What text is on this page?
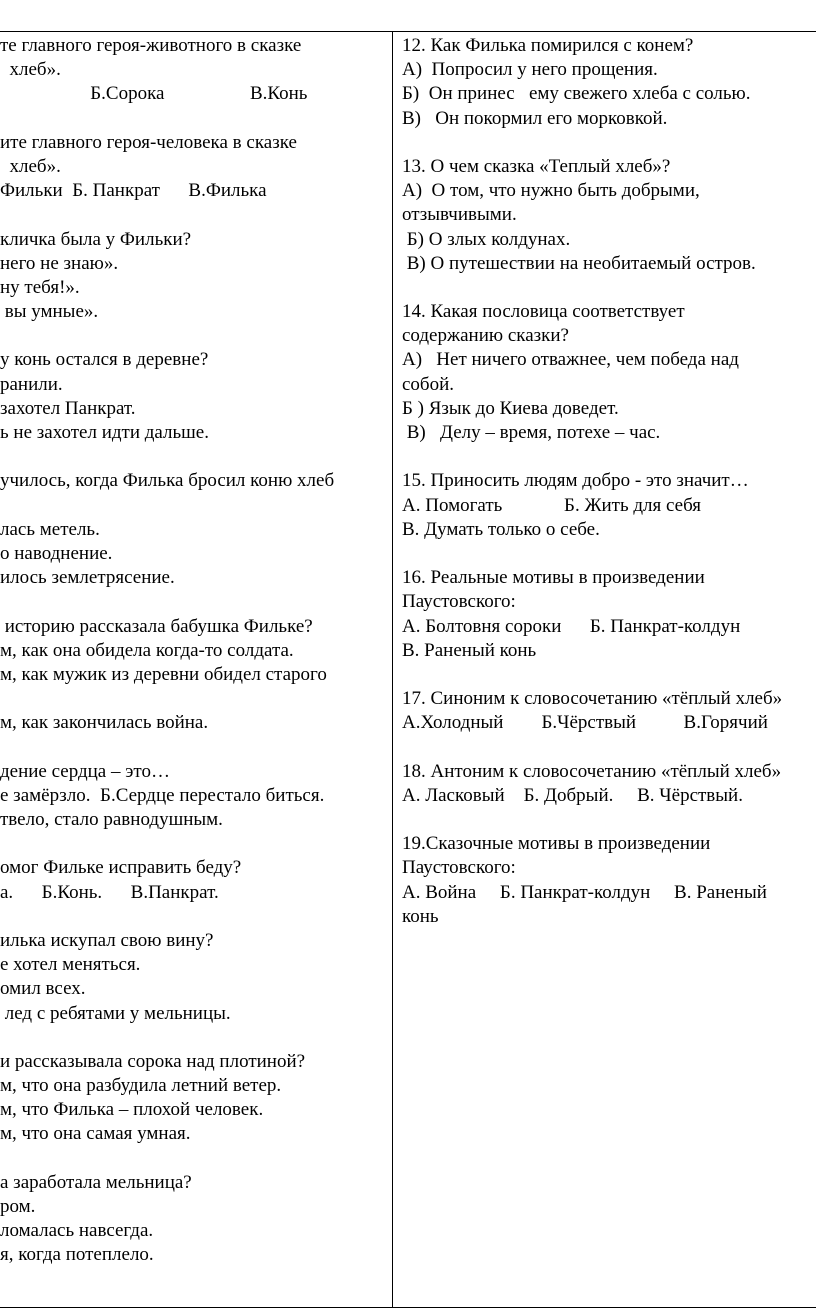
те главного героя-животного в сказке
хлеб».
Б.Сорока                  В.Конь
ите главного героя-человека в сказке
хлеб».
Фильки  Б. Панкрат      В.Филька
кличка была у Фильки?
него не знаю».
ну тебя!».
вы умные».
у конь остался в деревне?
ранили.
захотел Панкрат.
ь не захотел идти дальше.
училось, когда Филька бросил коню хлеб
лась метель.
о наводнение.
илось землетрясение.
историю рассказала бабушка Фильке?
м, как она обидела когда-то солдата.
м, как мужик из деревни обидел старого
м, как закончилась война.
дение сердца – это…
е замёрзло.  Б.Сердце перестало биться.
твело, стало равнодушным.
омог Фильке исправить беду?
а.      Б.Конь.      В.Панкрат.
илька искупал свою вину?
е хотел меняться.
омил всех.
лед с ребятами у мельницы.
и рассказывала сорока над плотиной?
м, что она разбудила летний ветер.
м, что Филька – плохой человек.
м, что она самая умная.
а заработала мельница?
ром.
ломалась навсегда.
я, когда потеплело.
12. Как Филька помирился с конем?
А)  Попросил у него прощения.
Б)  Он принес   ему свежего хлеба с солью.
В)   Он покормил его морковкой.
13. О чем сказка «Теплый хлеб»?
А)  О том, что нужно быть добрыми,
отзывчивыми.
Б) О злых колдунах.
В) О путешествии на необитаемый остров.
14. Какая пословица соответствует
содержанию сказки?
А)   Нет ничего отважнее, чем победа над
собой.
Б ) Язык до Киева доведет.
В)   Делу – время, потехе – час.
15. Приносить людям добро - это значит…
А. Помогать             Б. Жить для себя
В. Думать только о себе.
16. Реальные мотивы в произведении
Паустовского:
А. Болтовня сороки      Б. Панкрат-колдун
В. Раненый конь
17. Синоним к словосочетанию «тёплый хлеб»
А.Холодный        Б.Чёрствый          В.Горячий
18. Антоним к словосочетанию «тёплый хлеб»
А. Ласковый    Б. Добрый.     В. Чёрствый.
19.Сказочные мотивы в произведении
Паустовского:
А. Война     Б. Панкрат-колдун     В. Раненый
конь
